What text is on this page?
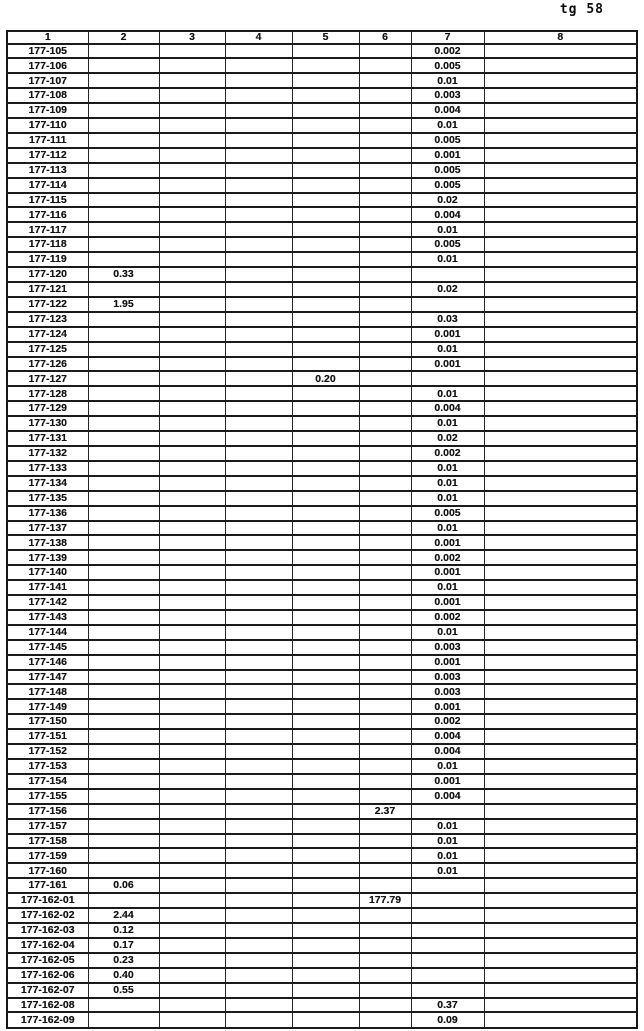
tg 58
1	2	3	4	5	6	7	8
177-105						0.002	
177-106						0.005	
177-107						0.01	
177-108						0.003	
177-109						0.004	
177-110						0.01	
177-111						0.005	
177-112						0.001	
177-113						0.005	
177-114						0.005	
177-115						0.02	
177-116						0.004	
177-117						0.01	
177-118						0.005	
177-119						0.01	
177-120	0.33						
177-121						0.02	
177-122	1.95						
177-123						0.03	
177-124						0.001	
177-125						0.01	
177-126						0.001	
177-127				0.20			
177-128						0.01	
177-129						0.004	
177-130						0.01	
177-131						0.02	
177-132						0.002	
177-133						0.01	
177-134						0.01	
177-135						0.01	
177-136						0.005	
177-137						0.01	
177-138						0.001	
177-139						0.002	
177-140						0.001	
177-141						0.01	
177-142						0.001	
177-143						0.002	
177-144						0.01	
177-145						0.003	
177-146						0.001	
177-147						0.003	
177-148						0.003	
177-149						0.001	
177-150						0.002	
177-151						0.004	
177-152						0.004	
177-153						0.01	
177-154						0.001	
177-155						0.004	
177-156					2.37		
177-157						0.01	
177-158						0.01	
177-159						0.01	
177-160						0.01	
177-161	0.06						
177-162-01					177.79		
177-162-02	2.44						
177-162-03	0.12						
177-162-04	0.17						
177-162-05	0.23						
177-162-06	0.40						
177-162-07	0.55						
177-162-08						0.37	
177-162-09						0.09	
